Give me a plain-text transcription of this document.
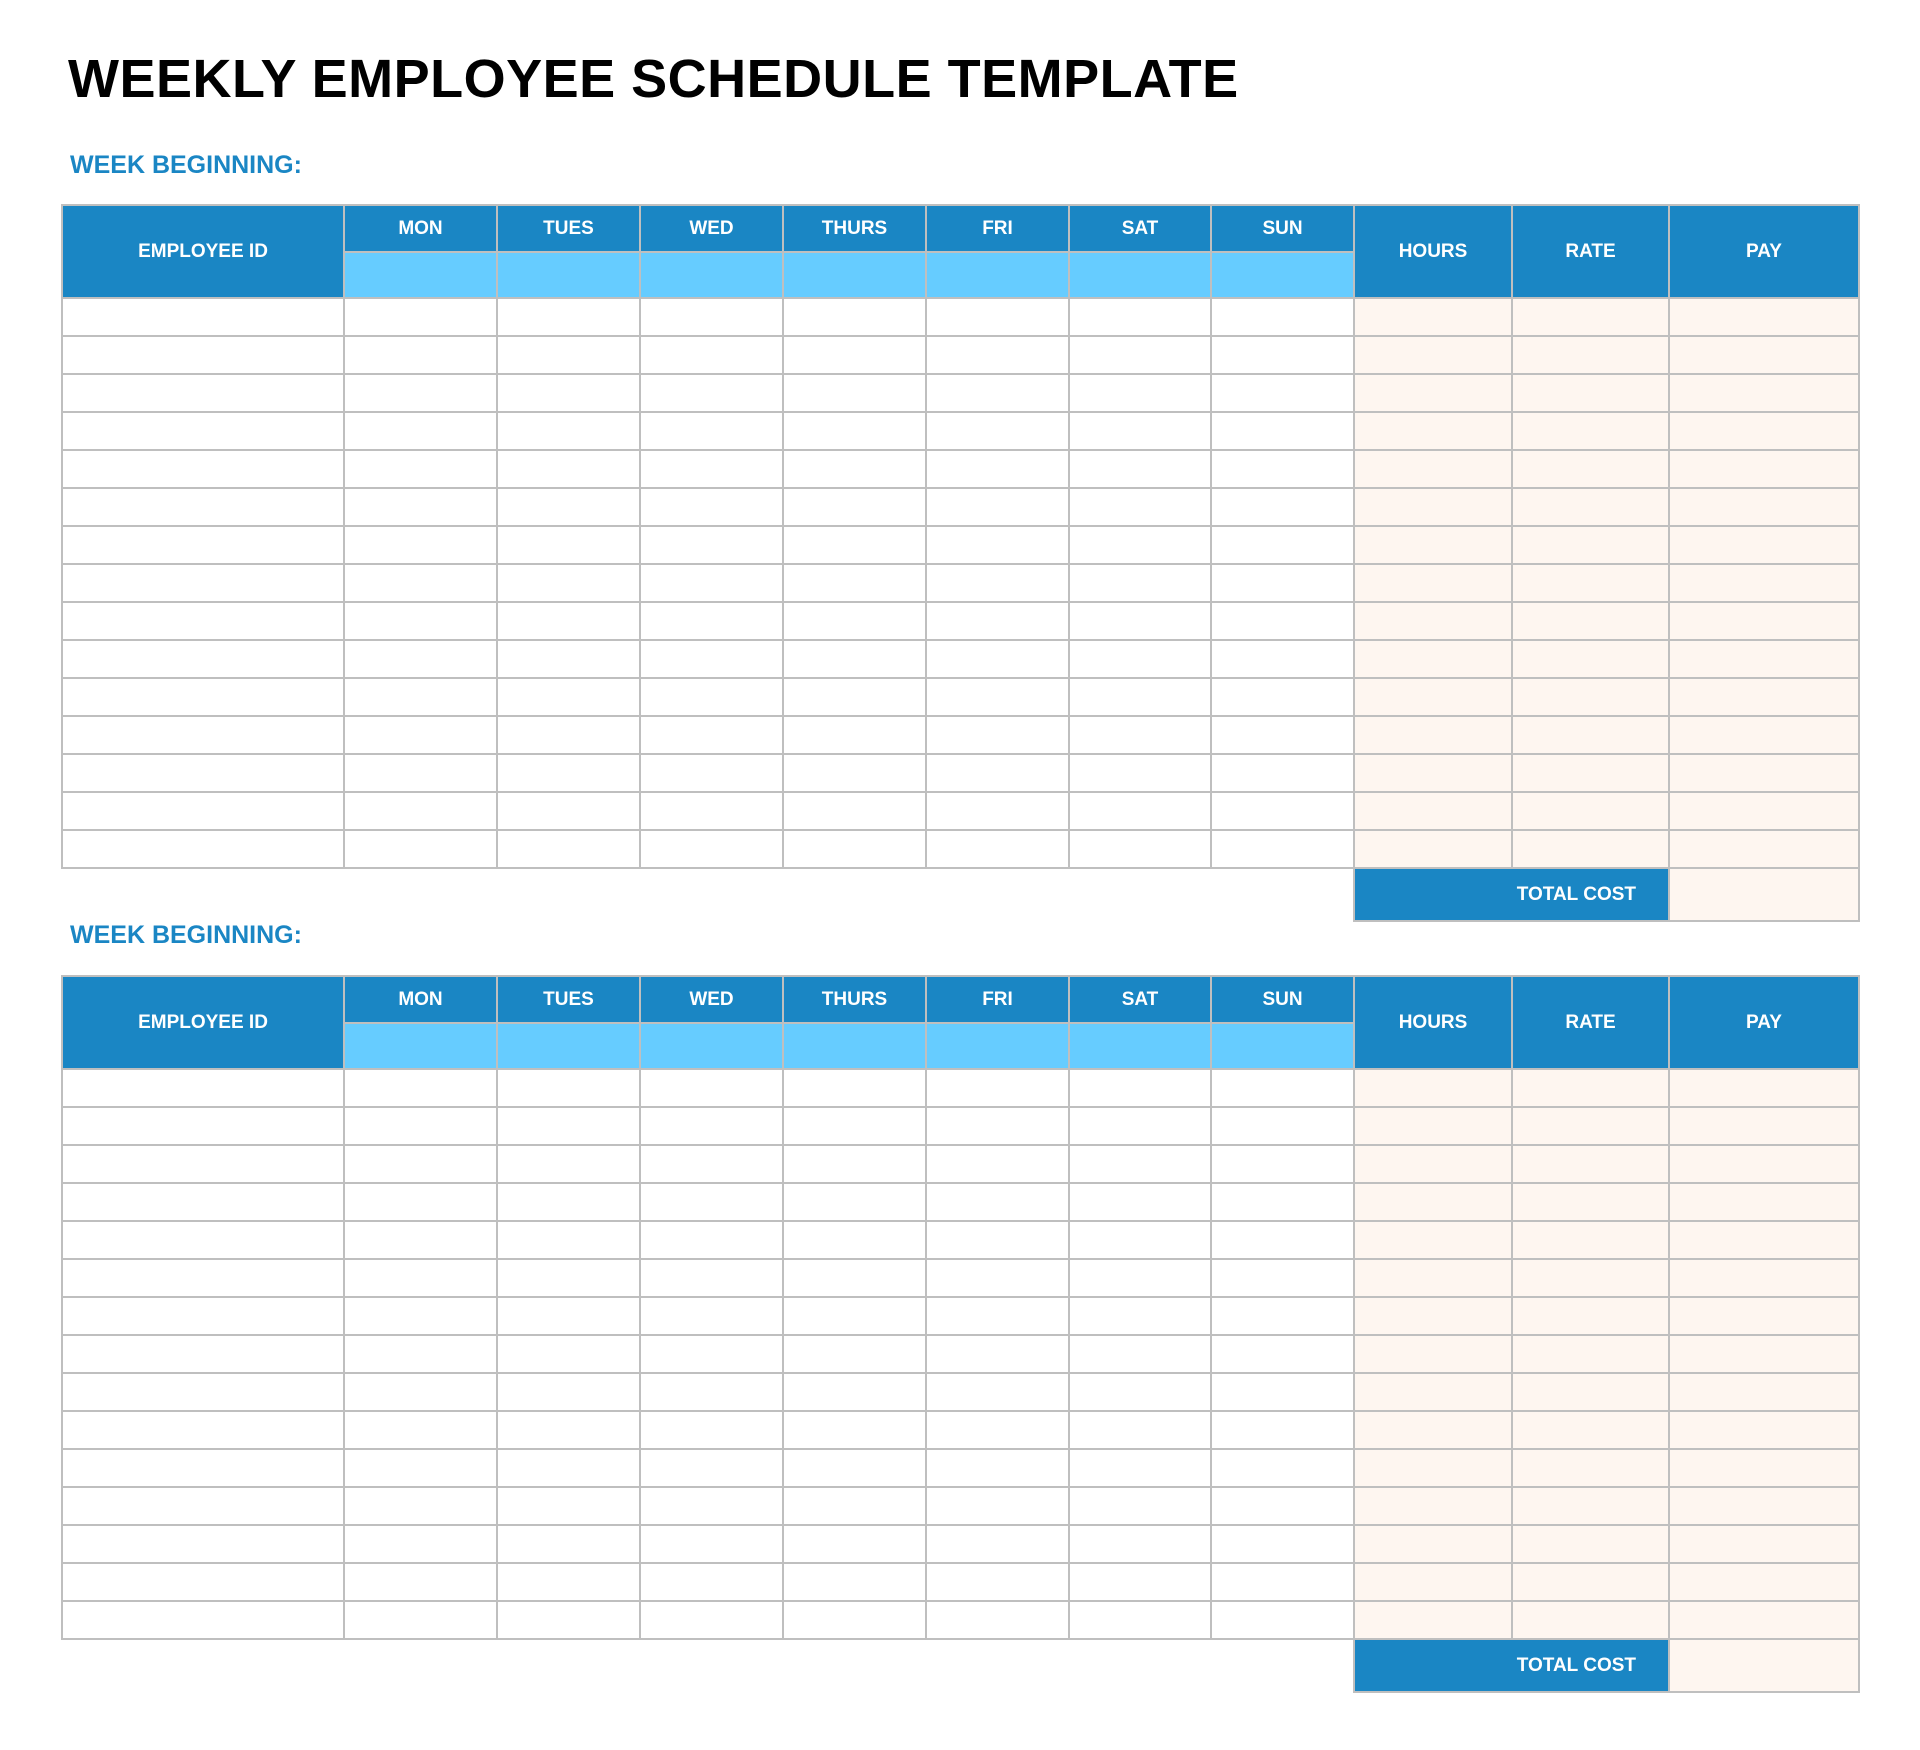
WEEKLY EMPLOYEE SCHEDULE TEMPLATE
WEEK BEGINNING:
EMPLOYEE ID	MON	TUES	WED	THURS	FRI	SAT	SUN	HOURS	RATE	PAY

								TOTAL COST		
WEEK BEGINNING:
EMPLOYEE ID	MON	TUES	WED	THURS	FRI	SAT	SUN	HOURS	RATE	PAY

								TOTAL COST		
